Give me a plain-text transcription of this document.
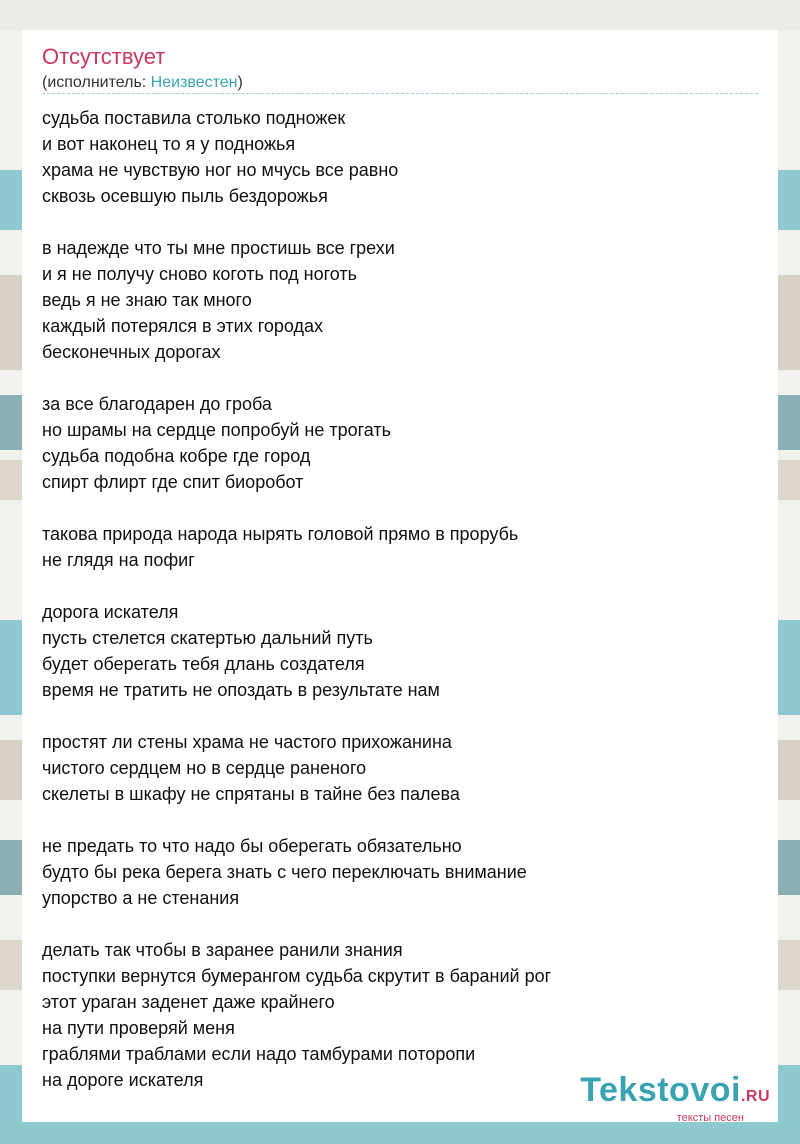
Отсутствует
(исполнитель: Неизвестен)
судьба поставила столько подножек
и вот наконец то я у подножья
храма не чувствую ног но мчусь все равно
сквозь осевшую пыль бездорожья
в надежде что ты мне простишь все грехи
и я не получу сново коготь под ноготь
ведь я не знаю так много
каждый потерялся в этих городах
бесконечных дорогах
за все благодарен до гроба
но шрамы на сердце попробуй не трогать
судьба подобна кобре где город
спирт флирт где спит биоробот
такова природа народа нырять головой прямо в прорубь
не глядя на пофиг
дорога искателя
пусть стелется скатертью дальний путь
будет оберегать тебя длань создателя
время не тратить не опоздать в результате нам
простят ли стены храма не частого прихожанина
чистого сердцем но в сердце раненого
скелеты в шкафу не спрятаны в тайне без палева
не предать то что надо бы оберегать обязательно
будто бы река берега знать с чего переключать внимание
упорство а не стенания
делать так чтобы в заранее ранили знания
поступки вернутся бумерангом судьба скрутит в бараний рог
этот ураган заденет даже крайнего
на пути проверяй меня
граблями траблами если надо тамбурами поторопи
на дороге искателя	Tekstovoi.RU
тексты песен
